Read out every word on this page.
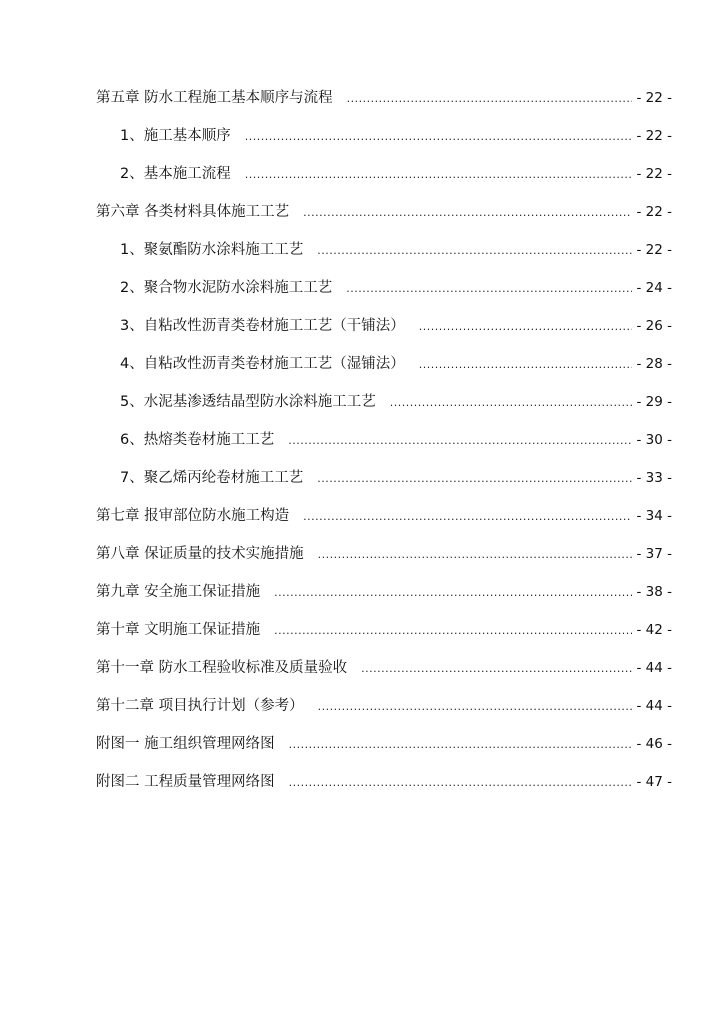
第五章 防水工程施工基本顺序与流程 .....	- 22 -
1、施工基本顺序 .....	- 22 -
2、基本施工流程 .....	- 22 -
第六章 各类材料具体施工工艺 .....	- 22 -
1、聚氨酯防水涂料施工工艺 .....	- 22 -
2、聚合物水泥防水涂料施工工艺 .....	- 24 -
3、自粘改性沥青类卷材施工工艺（干铺法） .....	- 26 -
4、自粘改性沥青类卷材施工工艺（湿铺法） .....	- 28 -
5、水泥基渗透结晶型防水涂料施工工艺 .....	- 29 -
6、热熔类卷材施工工艺 .....	- 30 -
7、聚乙烯丙纶卷材施工工艺 .....	- 33 -
第七章 报审部位防水施工构造 .....	- 34 -
第八章 保证质量的技术实施措施 .....	- 37 -
第九章 安全施工保证措施 .....	- 38 -
第十章 文明施工保证措施 .....	- 42 -
第十一章 防水工程验收标准及质量验收 .....	- 44 -
第十二章 项目执行计划（参考） .....	- 44 -
附图一 施工组织管理网络图 .....	- 46 -
附图二 工程质量管理网络图 .....	- 47 -
